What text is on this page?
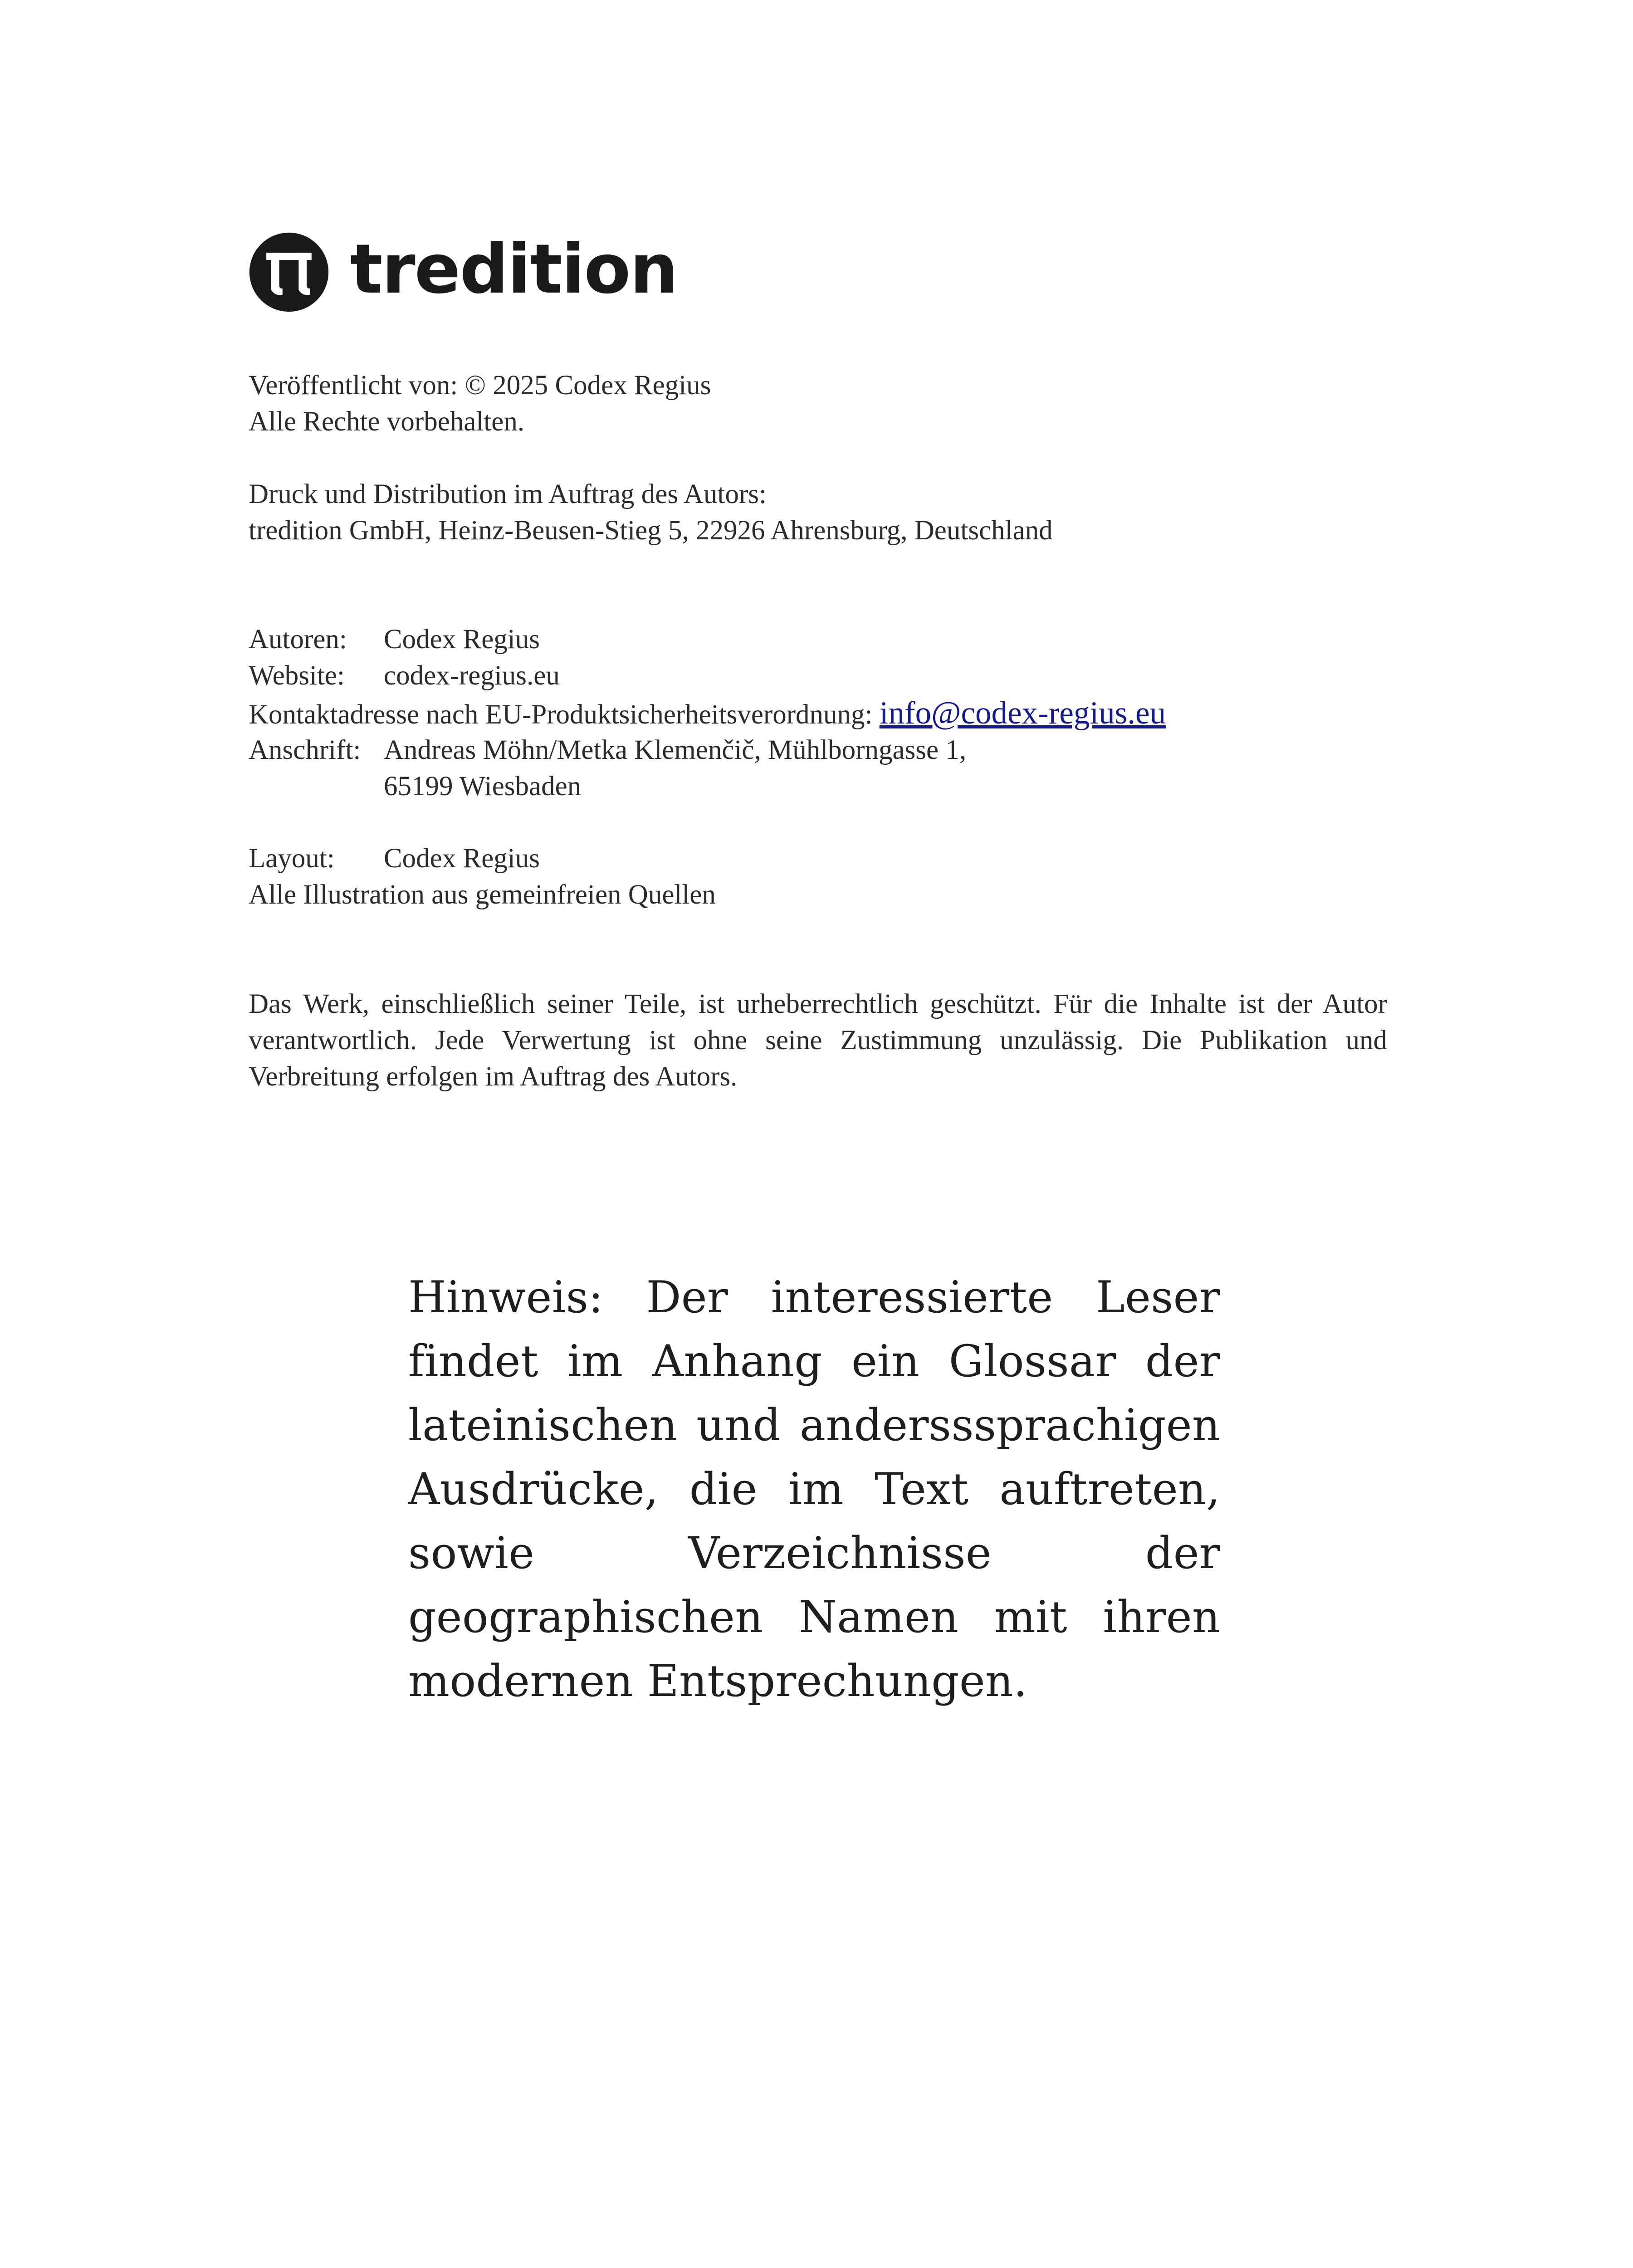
tredition
Veröffentlicht von: © 2025 Codex Regius
Alle Rechte vorbehalten.
Druck und Distribution im Auftrag des Autors:
tredition GmbH, Heinz-Beusen-Stieg 5, 22926 Ahrensburg, Deutschland
Autoren: Codex Regius
Website: codex-regius.eu
Kontaktadresse nach EU-Produktsicherheitsverordnung: info@codex-regius.eu
Anschrift: Andreas Möhn/Metka Klemenčič, Mühlborngasse 1,
65199 Wiesbaden
Layout: Codex Regius
Alle Illustration aus gemeinfreien Quellen
Das Werk, einschließlich seiner Teile, ist urheberrechtlich geschützt. Für die Inhalte ist der Autor verantwortlich. Jede Verwertung ist ohne seine Zustimmung unzulässig. Die Publikation und Verbreitung erfolgen im Auftrag des Autors.
Hinweis: Der interessierte Leser findet im Anhang ein Glossar der lateinischen und andersssprachigen Ausdrücke, die im Text auftreten, sowie Verzeichnisse der geographischen Namen mit ihren modernen Entsprechungen.
